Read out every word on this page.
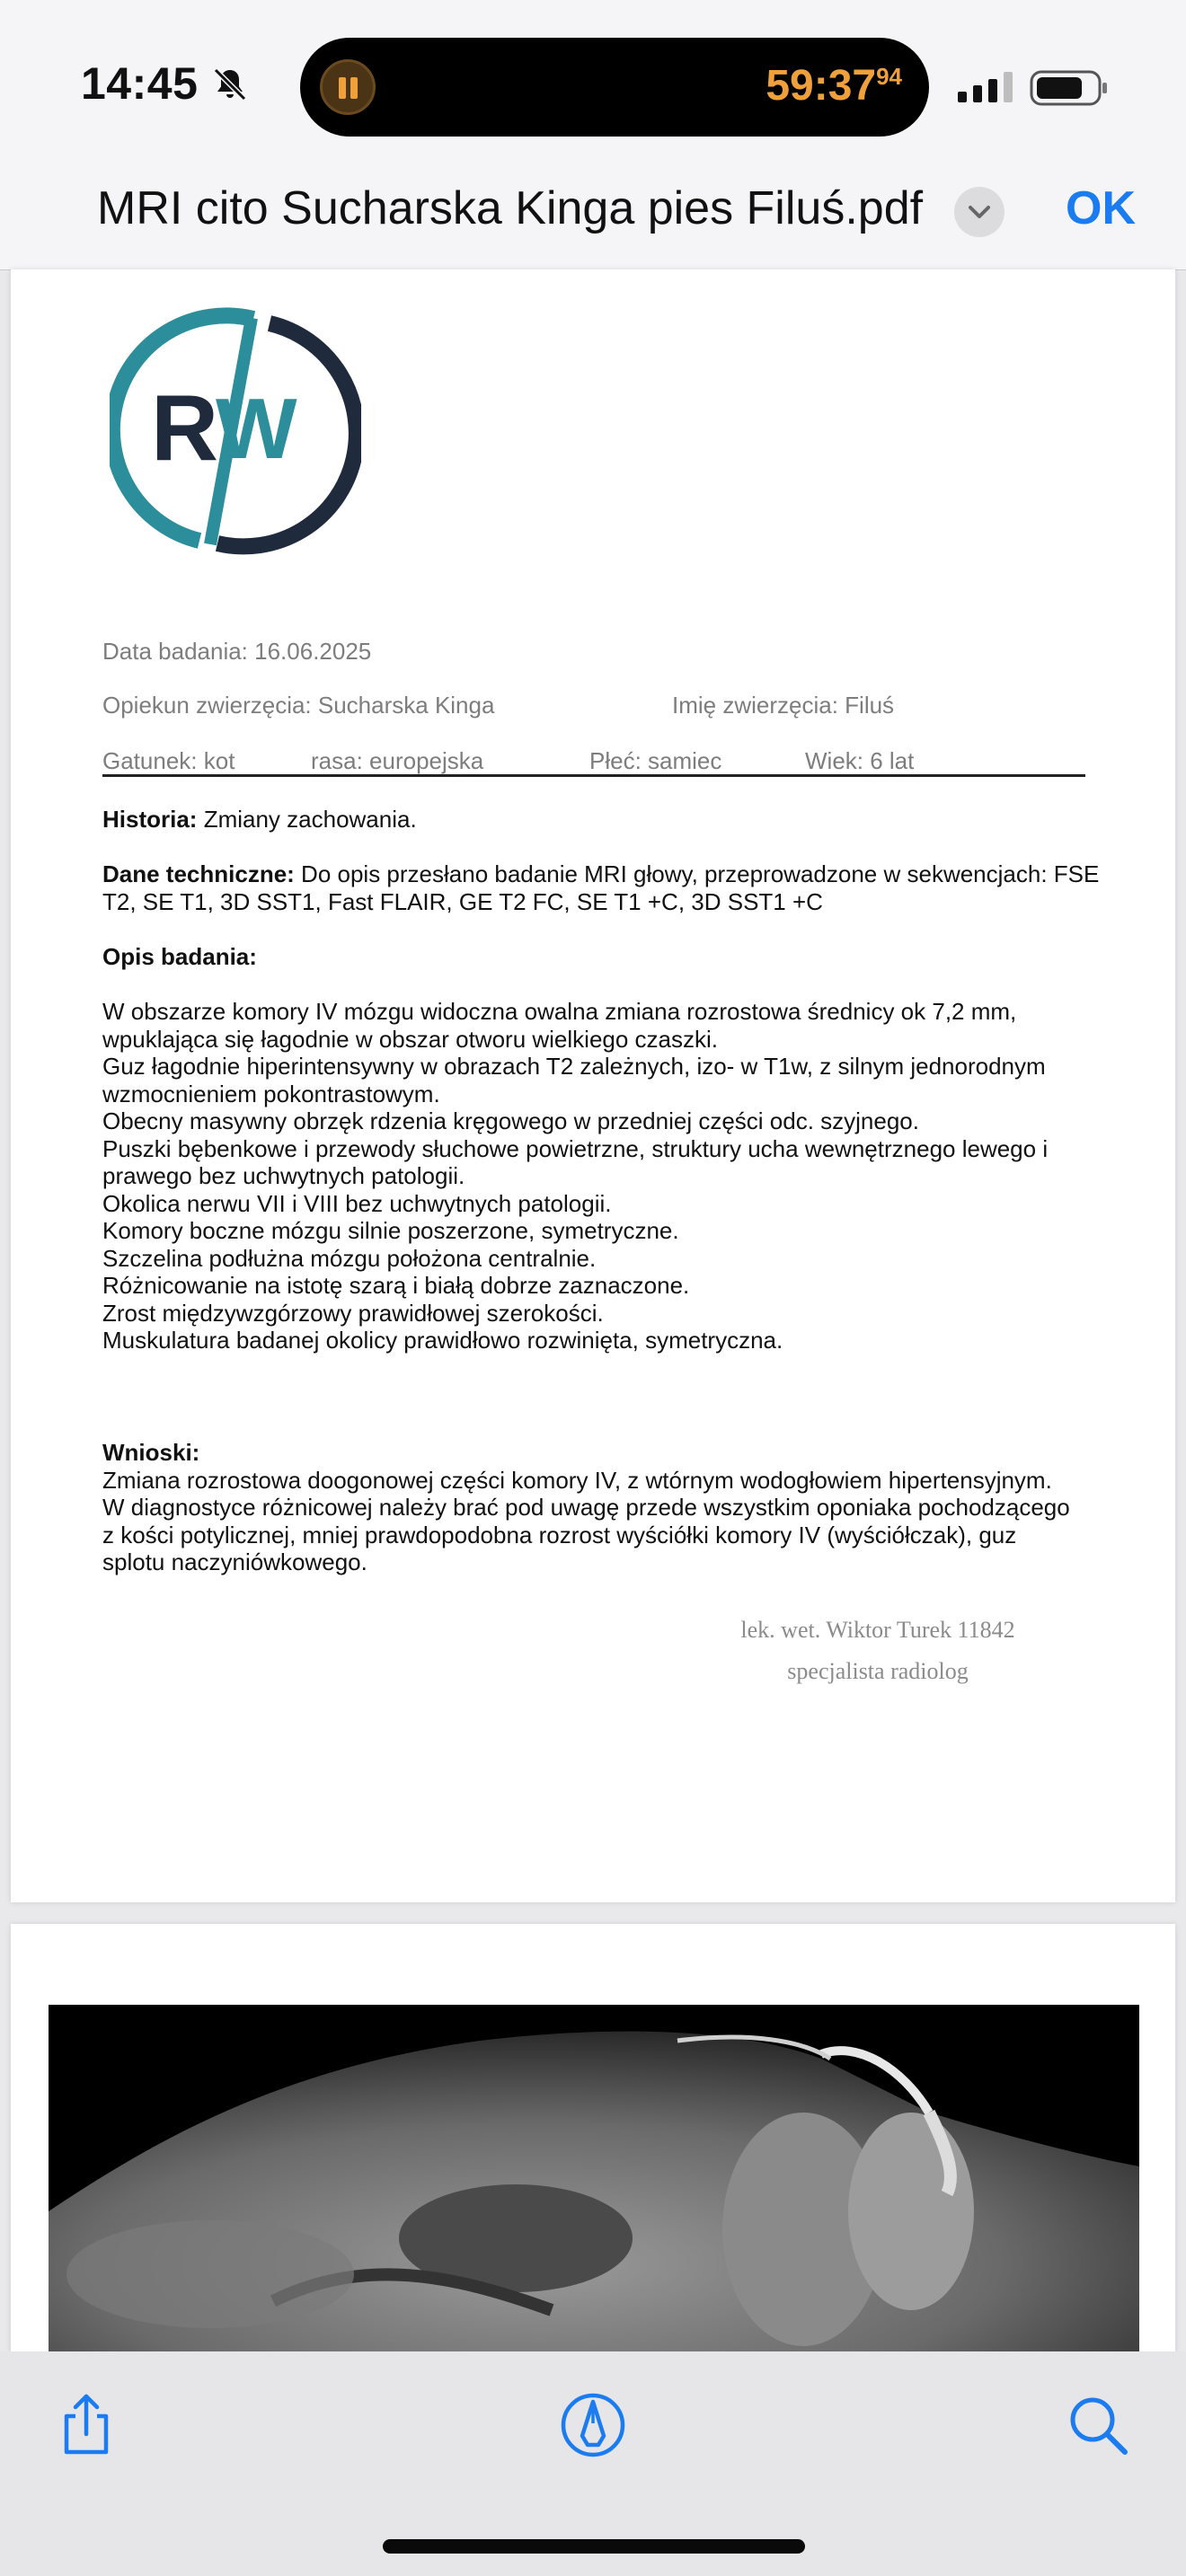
14:45	$59:37^{94}$
MRI cito Sucharska Kinga pies Filuś.pdf	OK
R
W
Data badania: 16.06.2025
Opiekun zwierzęcia: Sucharska Kinga	Imię zwierzęcia: Filuś
Gatunek: kot	rasa: europejska	Płeć: samiec	Wiek: 6 lat

Historia: Zmiany zachowania.

Dane techniczne: Do opis przesłano badanie MRI głowy, przeprowadzone w sekwencjach: FSE T2, SE T1, 3D SST1, Fast FLAIR, GE T2 FC, SE T1 +C, 3D SST1 +C

Opis badania:

W obszarze komory IV mózgu widoczna owalna zmiana rozrostowa średnicy ok 7,2 mm,

wpuklająca się łagodnie w obszar otworu wielkiego czaszki.

Guz łagodnie hiperintensywny w obrazach T2 zależnych, izo- w T1w, z silnym jednorodnym

wzmocnieniem pokontrastowym.

Obecny masywny obrzęk rdzenia kręgowego w przedniej części odc. szyjnego.

Puszki bębenkowe i przewody słuchowe powietrzne, struktury ucha wewnętrznego lewego i

prawego bez uchwytnych patologii.

Okolica nerwu VII i VIII bez uchwytnych patologii.

Komory boczne mózgu silnie poszerzone, symetryczne.

Szczelina podłużna mózgu położona centralnie.

Różnicowanie na istotę szarą i białą dobrze zaznaczone.

Zrost międzywzgórzowy prawidłowej szerokości.

Muskulatura badanej okolicy prawidłowo rozwinięta, symetryczna.

Wnioski:

Zmiana rozrostowa doogonowej części komory IV, z wtórnym wodogłowiem hipertensyjnym.

W diagnostyce różnicowej należy brać pod uwagę przede wszystkim oponiaka pochodzącego

z kości potylicznej, mniej prawdopodobna rozrost wyściółki komory IV (wyściółczak), guz

splotu naczyniówkowego.

lek. wet. Wiktor Turek 11842
specjalista radiolog
